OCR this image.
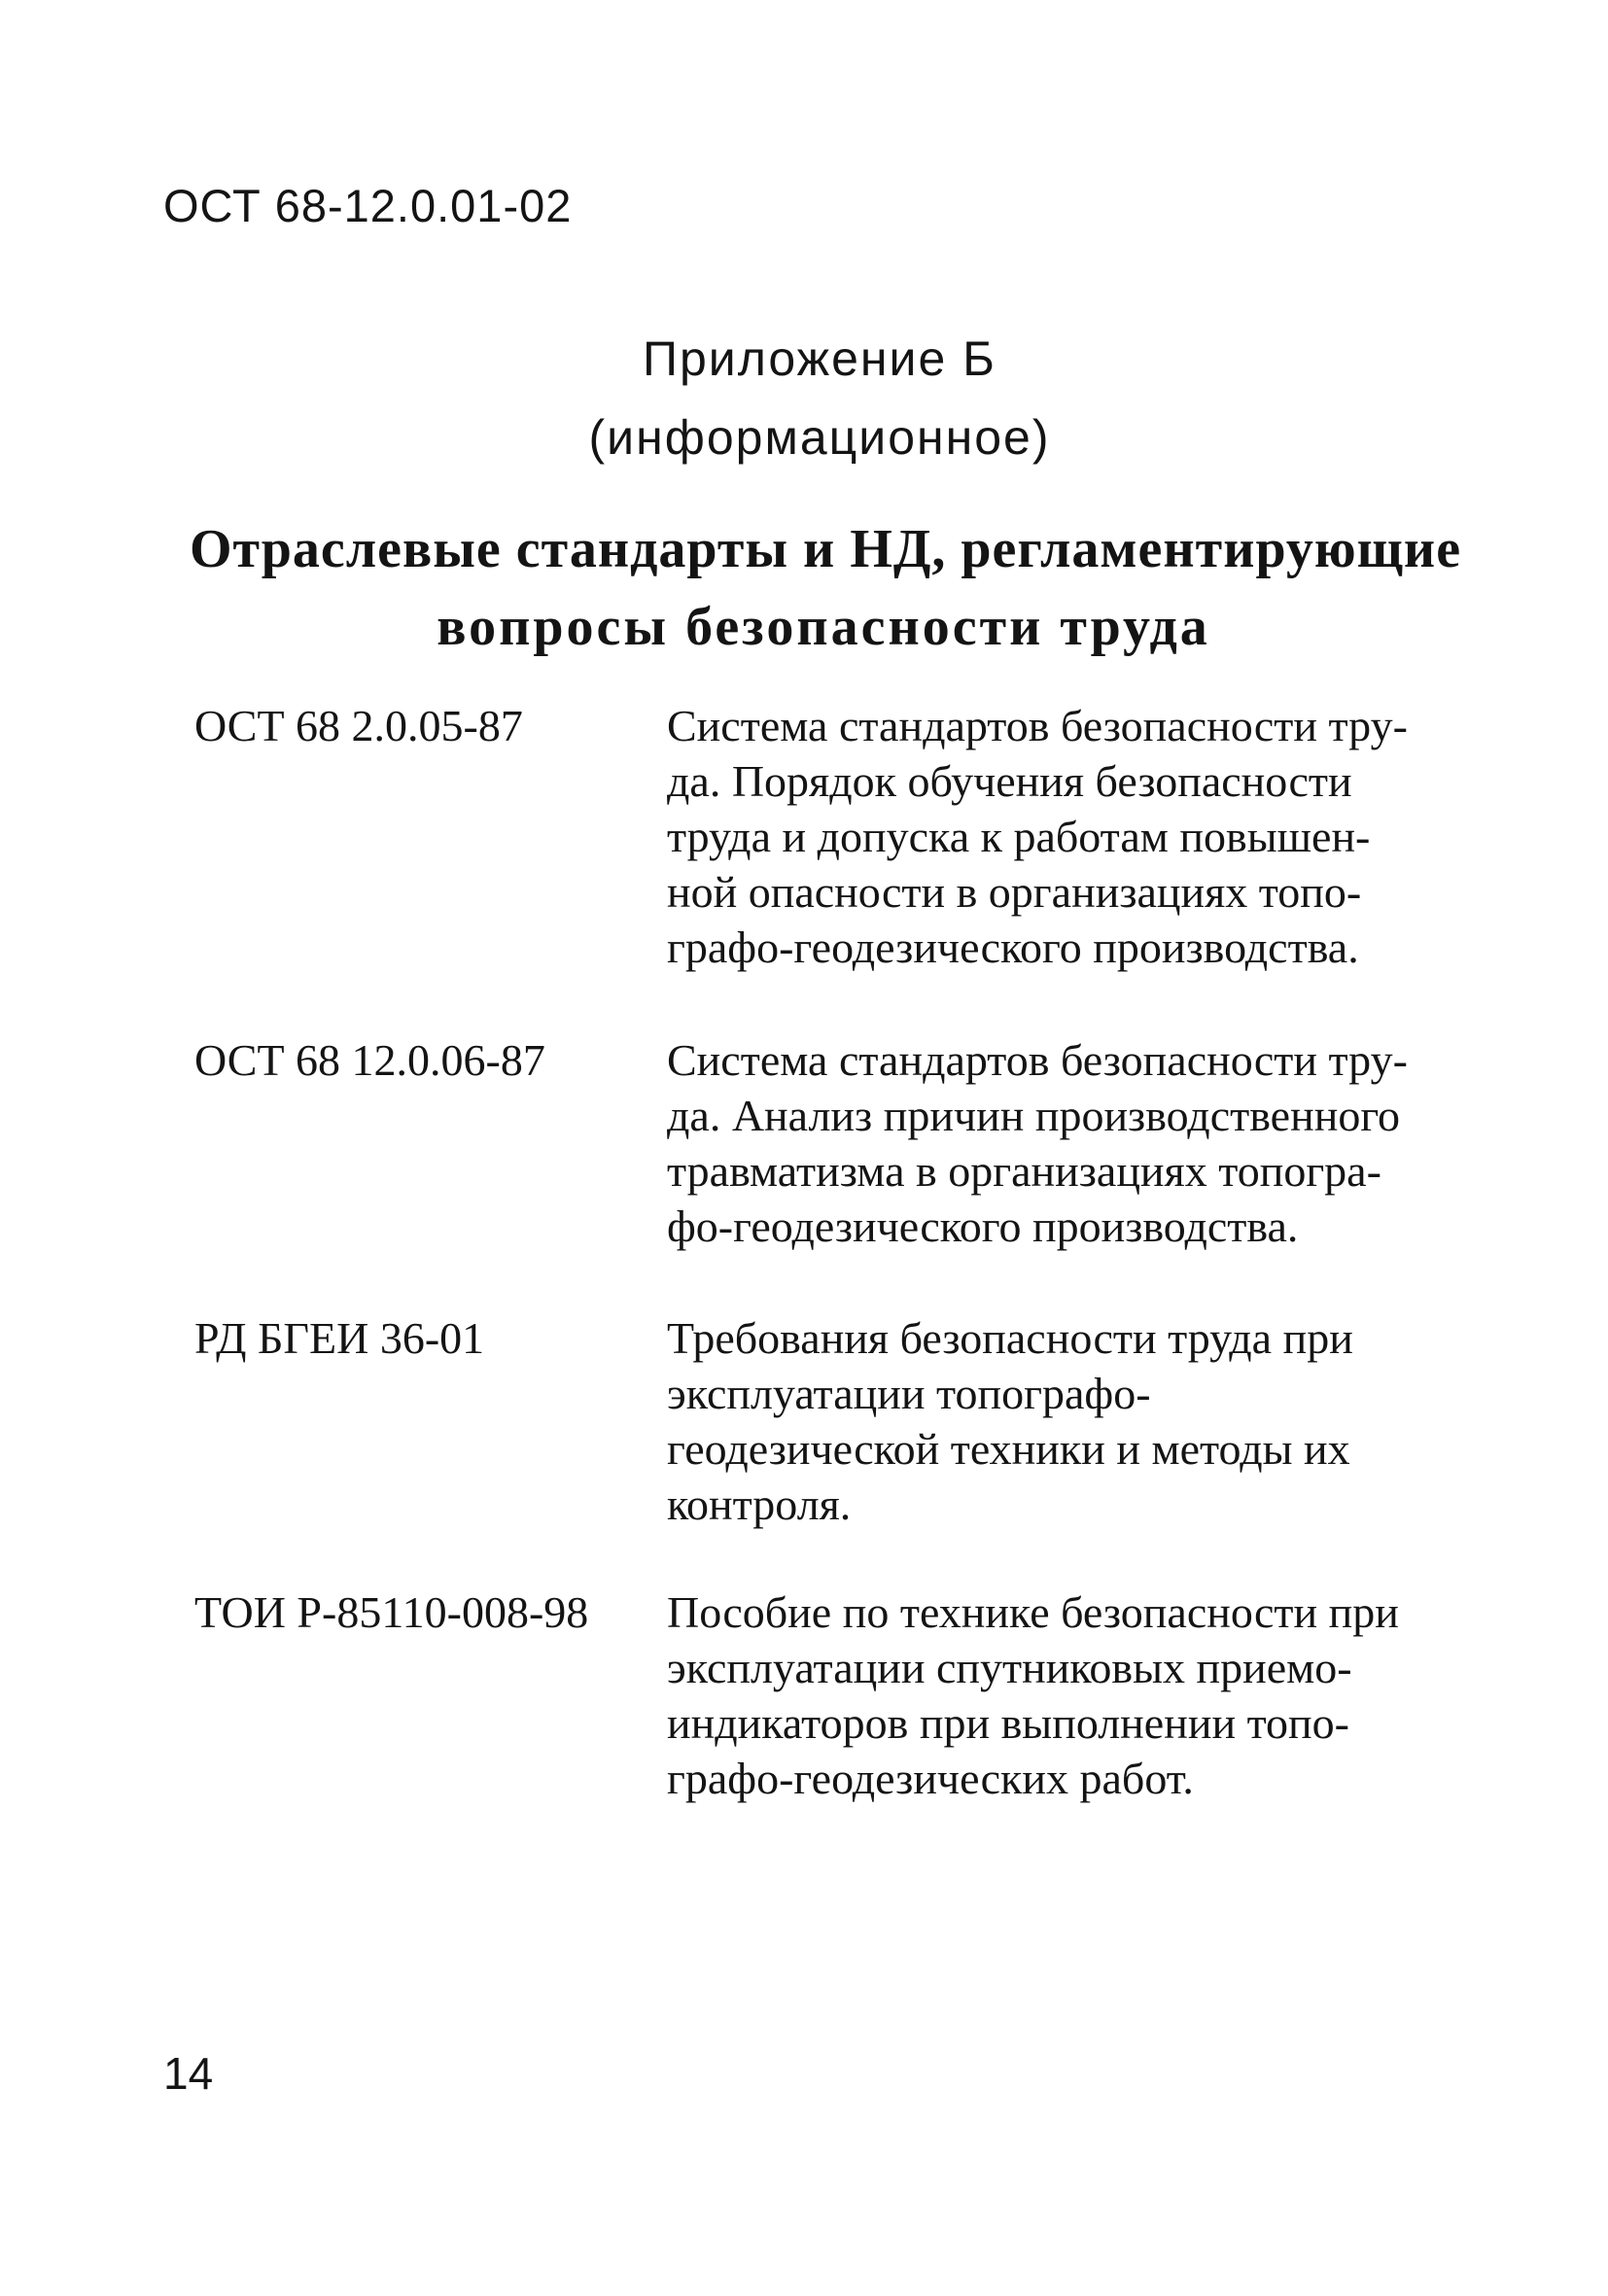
ОСТ 68-12.0.01-02
Приложение Б
(информационное)
Отраслевые стандарты и НД, регламентирующие
вопросы безопасности труда
ОСТ 68 2.0.05-87	Система стандартов безопасности тру-
да. Порядок обучения безопасности
труда и допуска к работам повышен-
ной опасности в организациях топо-
графо-геодезического производства.
ОСТ 68 12.0.06-87	Система стандартов безопасности тру-
да. Анализ причин производственного
травматизма в организациях топогра-
фо-геодезического производства.
РД БГЕИ 36-01	Требования безопасности труда при
эксплуатации топографо-
геодезической техники и методы их
контроля.
ТОИ Р-85110-008-98 Пособие по технике безопасности при
эксплуатации спутниковых приемо-
индикаторов при выполнении топо-
графо-геодезических работ.
14
